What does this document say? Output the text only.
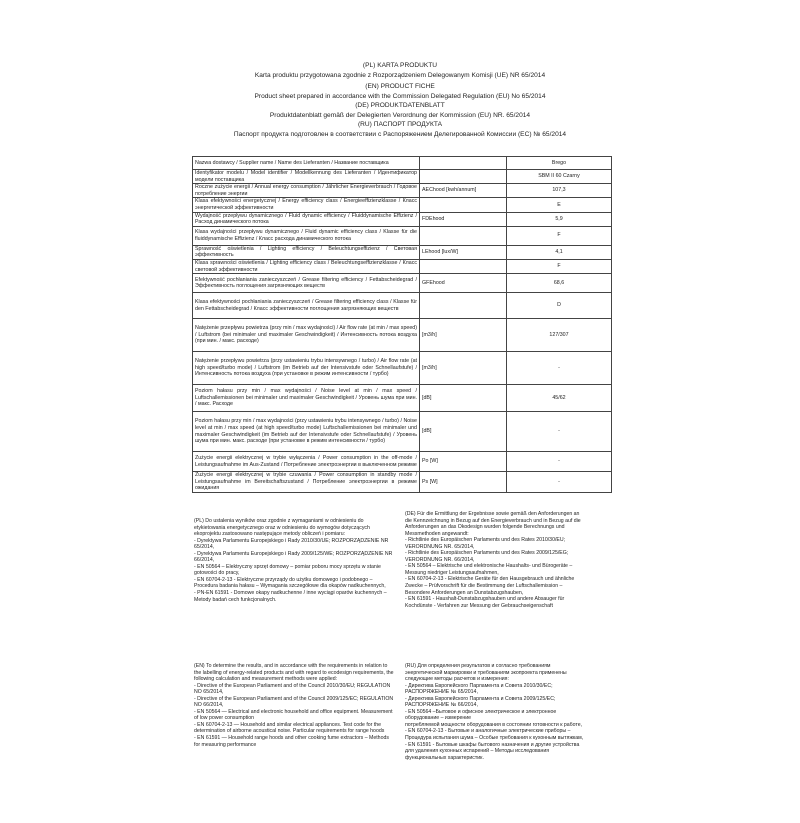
(PL) KARTA PRODUKTU
Karta produktu przygotowana zgodnie z Rozporządzeniem Delegowanym Komisji (UE) NR 65/2014
(EN) PRODUCT FICHE
Product sheet prepared in accordance with the Commission Delegated Regulation (EU) No 65/2014
(DE) PRODUKTDATENBLATT
Produktdatenblatt gemäß der Delegierten Verordnung der Kommission (EU) NR. 65/2014
(RU) ПАСПОРТ ПРОДУКТА
Паспорт продукта подготовлен в соответствии с Распоряжением Делегированной Комиссии (ЕС) № 65/2014
Nazwa dostawcy / Supplier name / Name des Lieferanten / Название поставщика		Brego
Identyfikator modelu / Model identifier / Modellkennung des Lieferanten / Идентификатор модели поставщика		SBM II 60 Czarny
Roczne zużycie energii / Annual energy consumption / Jährlicher Energieverbrauch / Годовое потребление энергии	AEChood [kwh/annum]	107,3
Klasa efektywności energetycznej / Energy efficiency class / Energieeffizienzklasse / Класс энергетической эффективности		E
Wydajność przepływu dynamicznego / Fluid dynamic efficiency / Fluiddynamische Effizienz / Расход динамического потока	FDEhood	5,9
Klasa wydajności przepływu dynamicznego / Fluid dynamic efficiency class / Klasse für die fluiddynamische Effizienz / Класс расхода динамического потока		F
Sprawność oświetlenia / Lighting efficiency / Beleuchtungseffizienz / Световая эффективность	LEhood [lux/W]	4,1
Klasa sprawności oświetlenia / Lighting efficiency class / Beleuchtungseffizienzklasse / Класс световой эффективности		F
Efektywność pochłaniania zanieczyszczeń / Grease filtering efficiency / Fettabscheidegrad / Эффективность поглощения загрязняющих веществ	GFEhood	68,6
Klasa efektywności pochłaniania zanieczyszczeń / Grease filtering efficiency class / Klasse für den Fettabscheidegrad / Класс эффективности поглощения загрязняющих веществ		D
Natężenie przepływu powietrza (przy min / max wydajności) / Air flow rate (at min / max speed) / Luftstrom (bei minimaler und maximaler Geschwindigkeit) / Интенсивность потока воздуха (при мин. / макс. расходе)	[m3/h]	127/307
Natężenie przepływu powietrza (przy ustawieniu trybu intensywnego / turbo) / Air flow rate (at high speed/turbo mode) / Luftstrom (im Betrieb auf der Intensivstufe oder Schnellaufstufe) / Интенсивность потока воздуха (при установке в режим интенсивности / турбо)	[m3/h]	-
Poziom hałasu przy min / max wydajności / Noise level at min / max speed / Luftschallemissionen bei minimaler und maximaler Geschwindigkeit / Уровень шума при мин. / макс. Расходе	[dB]	45/62
Poziom hałasu przy min / max wydajności (przy ustawieniu trybu intensywnego / turbo) / Noise level at min / max speed (at high speed/turbo mode) Luftschallemissionen bei minimaler und maximaler Geschwindigkeit (im Betrieb auf der Intensivstufe oder Schnellaufstufe) / Уровень шума при мин. макс. расходе (при установке в режим интенсивности / турбо)	[dB]	-
Zużycie energii elektrycznej w trybie wyłączenia / Power consumption in the off-mode / Leistungsaufnahme im Aus-Zustand / Потребление электроэнергии в выключенном режиме	Po [W]	-
Zużycie energii elektrycznej w trybie czuwania / Power consumption in standby mode / Leistungsaufnahme im Bereitschaftszustand / Потребление электроэнергии в режиме ожидания	Ps [W]	-
(PL) Do ustalenia wyników oraz zgodnie z wymaganiami w odniesieniu do
etykietowania energetycznego oraz w odniesieniu do wymogów dotyczących
ekoprojektu zastosowano następujące metody obliczeń i pomiaru:
- Dyrektywa Parlamentu Europejskiego i Rady 2010/30/UE; ROZPORZĄDZENIE NR
65/2014,
- Dyrektywa Parlamentu Europejskiego i Rady 2009/125/WE; ROZPORZĄDZENIE NR
66/2014,
- EN 50564 – Elektryczny sprzęt domowy – pomiar poboru mocy sprzętu w stanie
gotowości do pracy,
- EN 60704-2-13 - Elektryczne przyrządy do użytku domowego i podobnego –
Procedura badania hałasu – Wymagania szczegółowe dla okapów nadkuchennych,
- PN-EN 61591 - Domowe okapy nadkuchenne / inne wyciągi oparów kuchennych –
Metody badań cech funkcjonalnych.
(DE) Für die Ermittlung der Ergebnisse sowie gemäß den Anforderungen an
die Kennzeichnung in Bezug auf den Energieverbrauch und in Bezug auf die
Anforderungen an das Ökodesign wurden folgende Berechnungs und
Messmethoden angewandt:
- Richtlinie des Europäischen Parlaments und des Rates 2010/30/EU;
VERORDNUNG NR. 65/2014,
- Richtlinie des Europäischen Parlaments und des Rates 2009/125/EG;
VERORDNUNG NR. 66/2014,
- EN 50564 – Elektrische und elektronische Haushalts- und Bürogeräte –
Messung niedriger Leistungsaufnahmen,
- EN 60704-2-13 - Elektrische Geräte für den Hausgebrauch und ähnliche
Zwecke – Prüfvorschrift für die Bestimmung der Luftschallemission –
Besondere Anforderungen an Dunstabzugshauben,
- EN 61591 - Haushalt-Dunstabzugshauben und andere Absauger für
Kochdünste - Verfahren zur Messung der Gebrauchseigenschaft
(EN) To determine the results, and in accordance with the requirements in relation to
the labelling of energy-related products and with regard to ecodesign requirements, the
following calculation and measurement methods were applied:
- Directive of the European Parliament and of the Council 2010/30/EU; REGULATION
NO 65/2014,
- Directive of the European Parliament and of the Council 2009/125/EC; REGULATION
NO 66/2014,
- EN 50564 — Electrical and electronic household and office equipment. Measurement
of low power consumption
- EN 60704-2-13 — Household and similar electrical appliances. Test code for the
determination of airborne acoustical noise. Particular requirements for range hoods
- EN 61591 — Household range hoods and other cooking fume extractors – Methods
for measuring performance
(RU) Для определения результатов и согласно требованиям
энергетической маркировки и требованиям экопроекта применены
следующие методы расчетов и измерения:
- Директива Европейского Парламента и Совета 2010/30/ЕС;
РАСПОРЯЖЕНИЕ № 65/2014,
- Директива Европейского Парламента и Совета 2009/125/ЕС;
РАСПОРЯЖЕНИЕ № 66/2014,
- EN 50564 –Бытовое и офисное электрическое и электронное
оборудование – измерение
потребляемой мощности оборудования в состоянии готовности к работе,
- EN 60704-2-13 - Бытовые и аналогичные электрические приборы –
Процедура испытания шума – Особые требования к кухонным вытяжкам,
- EN 61591 - Бытовые шкафы бытового назначения и другие устройства
для удаления кухонных испарений – Методы исследования
функциональных характеристик.
